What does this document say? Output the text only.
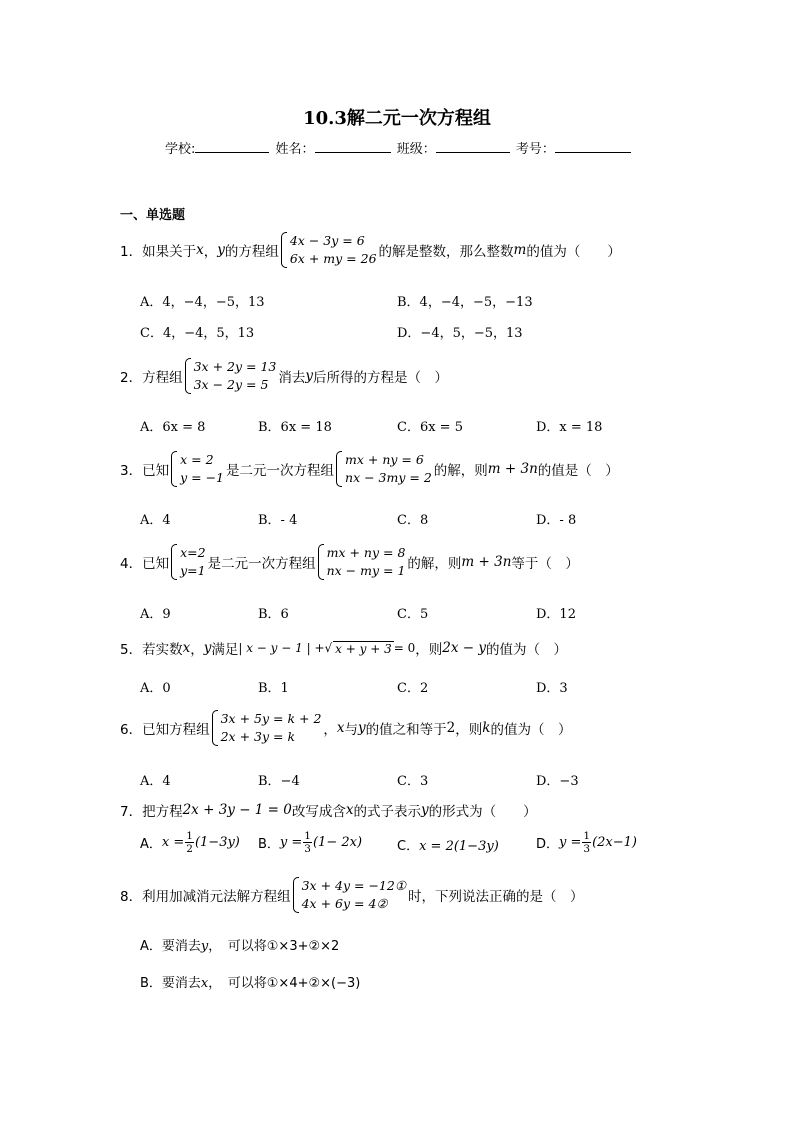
10.3解二元一次方程组
学校:	姓名：	班级：	考号：
一、单选题
1． 如果关于 x ， y 的方程组
4x − 3y = 6
6x + my = 26 的解是整数，那么整数 m 的值为（　　）
A．4，−4，−5，13	B．4，−4，−5，−13
C．4，−4，5，13	D．−4，5，−5，13
2． 方程组
3x + 2y = 13
3x − 2y = 5 消去 y 后所得的方程是（　）
A．6x = 8	B．6x = 18	C．6x = 5	D．x = 18
3． 已知
x = 2
y = −1 是二元一次方程组
mx + ny = 6
nx − 3my = 2 的解，则 m + 3n 的值是（　）
A．4	B．- 4	C．8	D．- 8
4． 已知
x=2
y=1 是二元一次方程组
mx + ny = 8
nx − my = 1 的解，则 m + 3n 等于（　）
A．9	B．6	C．5	D．12
5． 若实数 x ， y 满足 | x − y − 1 | + √ x + y + 3 = 0 ，则 2x − y 的值为（　）
A．0	B．1	C．2	D．3
6． 已知方程组
3x + 5y = k + 2
2x + 3y = k	， x 与 y 的值之和等于 2 ，则 k 的值为（　）
A．4	B．−4	C．3	D．−3
7． 把方程 2x + 3y − 1 = 0 改写成含 x 的式子表示 y 的形式为（　　）
A． $x = \frac{1}{2} (1-3y)$ B． $y = \frac{1}{3} (1- 2x)$	C．x = 2(1−3y)	D． $y = \frac{1}{3} (2x-1)$
8． 利用加减消元法解方程组
3x + 4y = −12①
4x + 6y = 4②	时，下列说法正确的是（　）
A．要消去y，　可以将①×3+②×2
B．要消去x，　可以将①×4+②×(−3)
